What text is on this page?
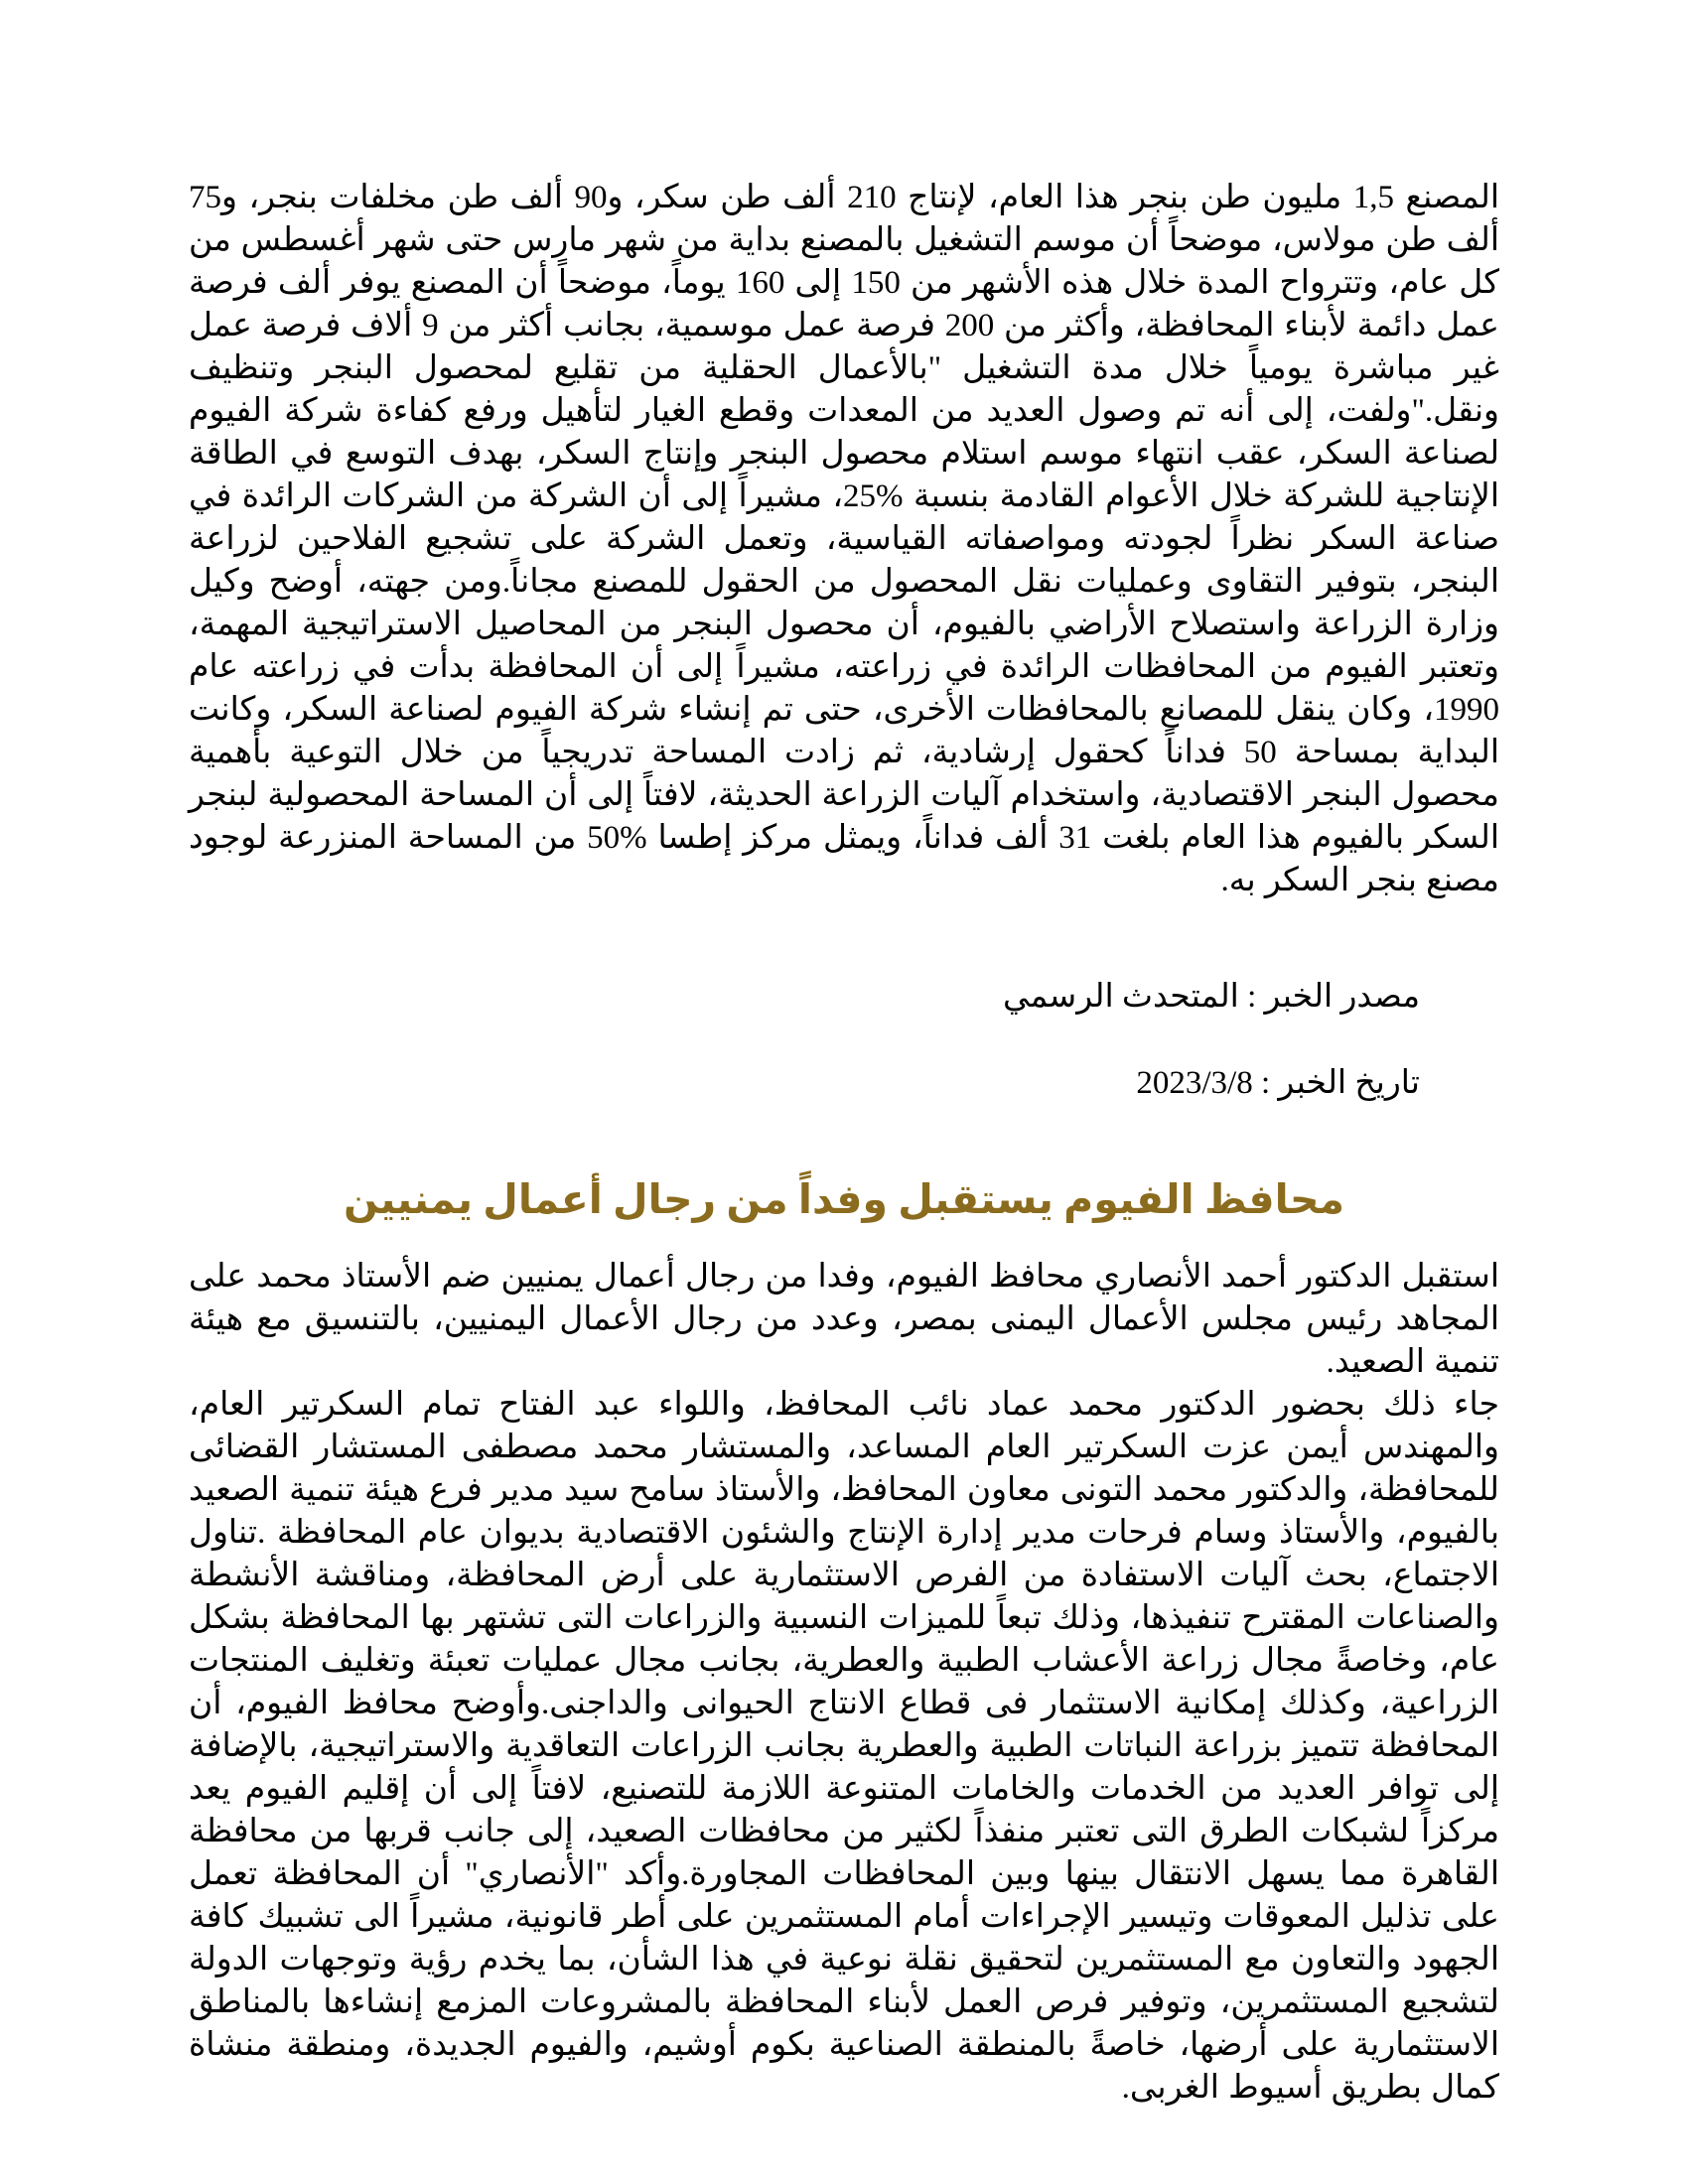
المصنع 1,5 مليون طن بنجر هذا العام، لإنتاج 210 ألف طن سكر، و90 ألف طن مخلفات بنجر، و75 ألف طن مولاس، موضحاً أن موسم التشغيل بالمصنع بداية من شهر مارس حتى شهر أغسطس من كل عام، وتترواح المدة خلال هذه الأشهر من 150 إلى 160 يوماً، موضحاً أن المصنع يوفر ألف فرصة عمل دائمة لأبناء المحافظة، وأكثر من 200 فرصة عمل موسمية، بجانب أكثر من 9 ألاف فرصة عمل غير مباشرة يومياً خلال مدة التشغيل "بالأعمال الحقلية من تقليع لمحصول البنجر وتنظيف ونقل."ولفت، إلى أنه تم وصول العديد من المعدات وقطع الغيار لتأهيل ورفع كفاءة شركة الفيوم لصناعة السكر، عقب انتهاء موسم استلام محصول البنجر وإنتاج السكر، بهدف التوسع في الطاقة الإنتاجية للشركة خلال الأعوام القادمة بنسبة %25، مشيراً إلى أن الشركة من الشركات الرائدة في صناعة السكر نظراً لجودته ومواصفاته القياسية، وتعمل الشركة على تشجيع الفلاحين لزراعة البنجر، بتوفير التقاوى وعمليات نقل المحصول من الحقول للمصنع مجاناً.ومن جهته، أوضح وكيل وزارة الزراعة واستصلاح الأراضي بالفيوم، أن محصول البنجر من المحاصيل الاستراتيجية المهمة، وتعتبر الفيوم من المحافظات الرائدة في زراعته، مشيراً إلى أن المحافظة بدأت في زراعته عام 1990، وكان ينقل للمصانع بالمحافظات الأخرى، حتى تم إنشاء شركة الفيوم لصناعة السكر، وكانت البداية بمساحة 50 فداناً كحقول إرشادية، ثم زادت المساحة تدريجياً من خلال التوعية بأهمية محصول البنجر الاقتصادية، واستخدام آليات الزراعة الحديثة، لافتاً إلى أن المساحة المحصولية لبنجر السكر بالفيوم هذا العام بلغت 31 ألف فداناً، ويمثل مركز إطسا %50 من المساحة المنزرعة لوجود مصنع بنجر السكر به.

مصدر الخبر : المتحدث الرسمي

تاريخ الخبر : 2023/3/8

محافظ الفيوم يستقبل وفداً من رجال أعمال يمنيين

استقبل الدكتور أحمد الأنصاري محافظ الفيوم، وفدا من رجال أعمال يمنيين ضم الأستاذ محمد على المجاهد رئيس مجلس الأعمال اليمنى بمصر، وعدد من رجال الأعمال اليمنيين، بالتنسيق مع هيئة تنمية الصعيد.

جاء ذلك بحضور الدكتور محمد عماد نائب المحافظ، واللواء عبد الفتاح تمام السكرتير العام، والمهندس أيمن عزت السكرتير العام المساعد، والمستشار محمد مصطفى المستشار القضائى للمحافظة، والدكتور محمد التونى معاون المحافظ، والأستاذ سامح سيد مدير فرع هيئة تنمية الصعيد بالفيوم، والأستاذ وسام فرحات مدير إدارة الإنتاج والشئون الاقتصادية بديوان عام المحافظة .تناول الاجتماع، بحث آليات الاستفادة من الفرص الاستثمارية على أرض المحافظة، ومناقشة الأنشطة والصناعات المقترح تنفيذها، وذلك تبعاً للميزات النسبية والزراعات التى تشتهر بها المحافظة بشكل عام، وخاصةً مجال زراعة الأعشاب الطبية والعطرية، بجانب مجال عمليات تعبئة وتغليف المنتجات الزراعية، وكذلك إمكانية الاستثمار فى قطاع الانتاج الحيوانى والداجنى.وأوضح محافظ الفيوم، أن المحافظة تتميز بزراعة النباتات الطبية والعطرية بجانب الزراعات التعاقدية والاستراتيجية، بالإضافة إلى توافر العديد من الخدمات والخامات المتنوعة اللازمة للتصنيع، لافتاً إلى أن إقليم الفيوم يعد مركزاً لشبكات الطرق التى تعتبر منفذاً لكثير من محافظات الصعيد، إلى جانب قربها من محافظة القاهرة مما يسهل الانتقال بينها وبين المحافظات المجاورة.وأكد "الأنصاري" أن المحافظة تعمل على تذليل المعوقات وتيسير الإجراءات أمام المستثمرين على أطر قانونية، مشيراً الى تشبيك كافة الجهود والتعاون مع المستثمرين لتحقيق نقلة نوعية في هذا الشأن، بما يخدم رؤية وتوجهات الدولة لتشجيع المستثمرين، وتوفير فرص العمل لأبناء المحافظة بالمشروعات المزمع إنشاءها بالمناطق الاستثمارية على أرضها، خاصةً بالمنطقة الصناعية بكوم أوشيم، والفيوم الجديدة، ومنطقة منشاة كمال بطريق أسيوط الغربى.
